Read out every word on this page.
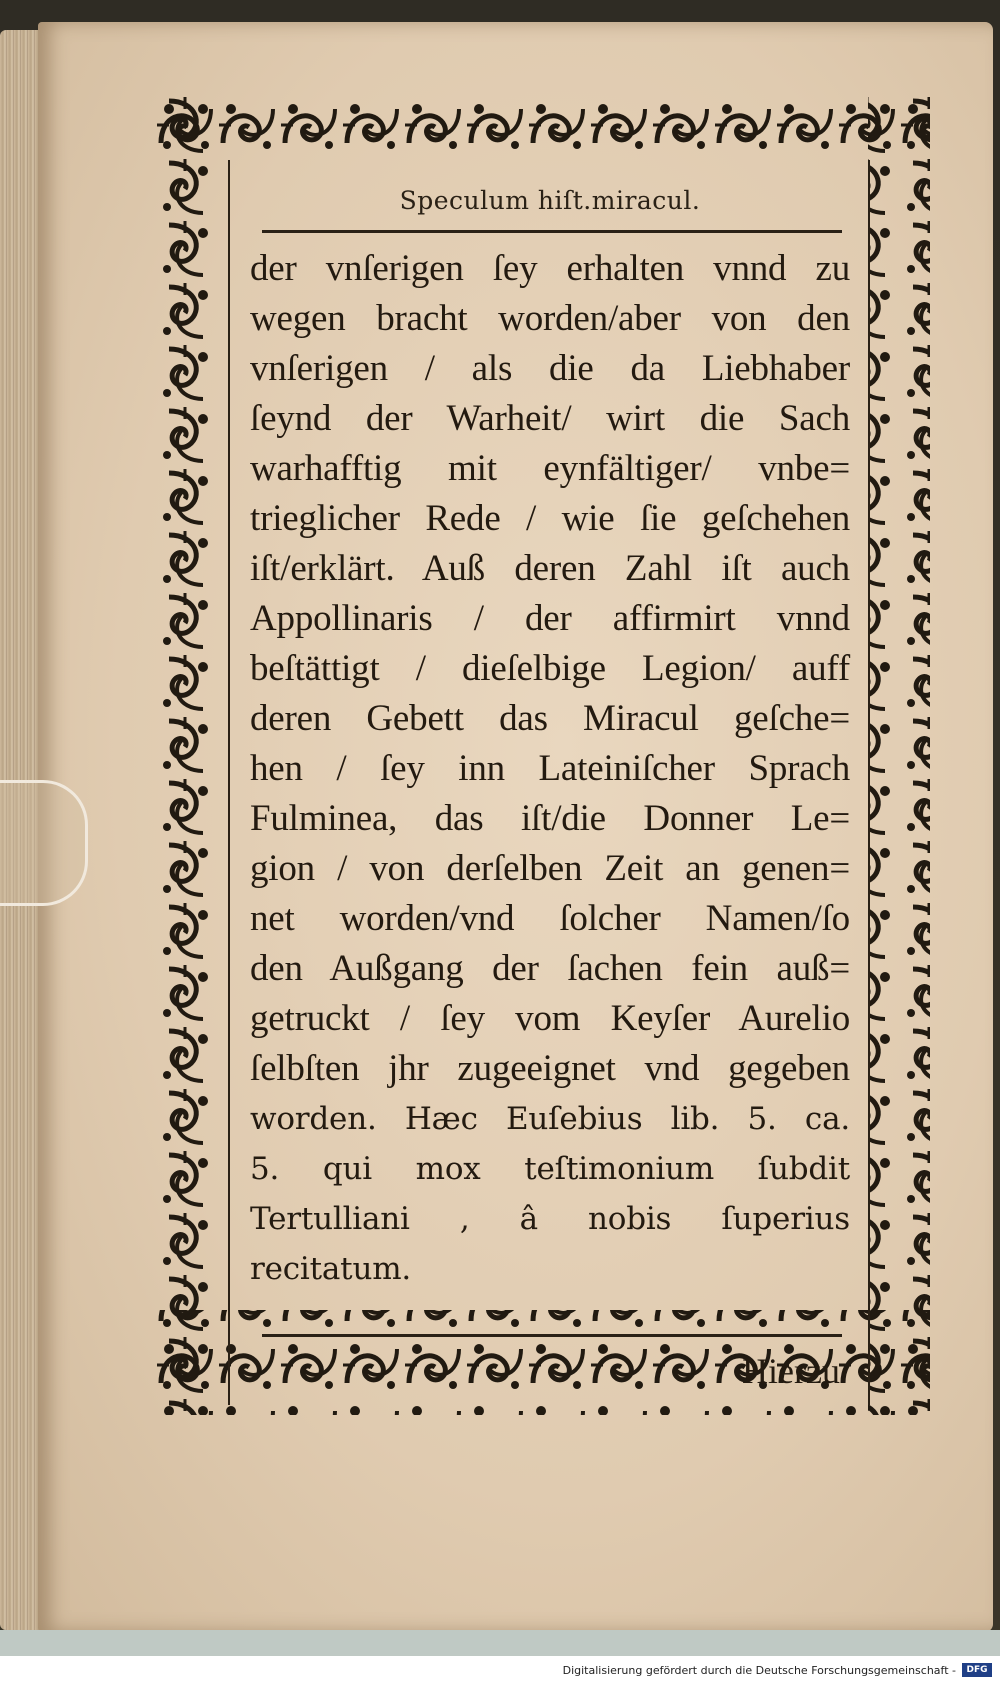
Speculum hiſt.miracul.
der vnſerigen ſey erhalten vnnd zu
wegen bracht worden/aber von den
vnſerigen / als die da Liebhaber
ſeynd der Warheit/ wirt die Sach
warhafftig mit eynfältiger/ vnbe=
trieglicher Rede / wie ſie geſchehen
iſt/erklärt. Auß deren Zahl iſt auch
Appollinaris / der affirmirt vnnd
beſtättigt / dieſelbige Legion/ auff
deren Gebett das Miracul geſche=
hen / ſey inn Lateiniſcher Sprach
Fulminea, das iſt/die Donner Le=
gion / von derſelben Zeit an genen=
net worden/vnd ſolcher Namen/ſo
den Außgang der ſachen fein auß=
getruckt / ſey vom Keyſer Aurelio
ſelbſten jhr zugeeignet vnd gegeben
worden. Hæc Euſebius lib. 5. ca.
5. qui mox teſtimonium ſubdit
Tertulliani , â nobis ſuperius
recitatum.
Hierzu
Digitalisierung gefördert durch die Deutsche Forschungsgemeinschaft -	DFG
